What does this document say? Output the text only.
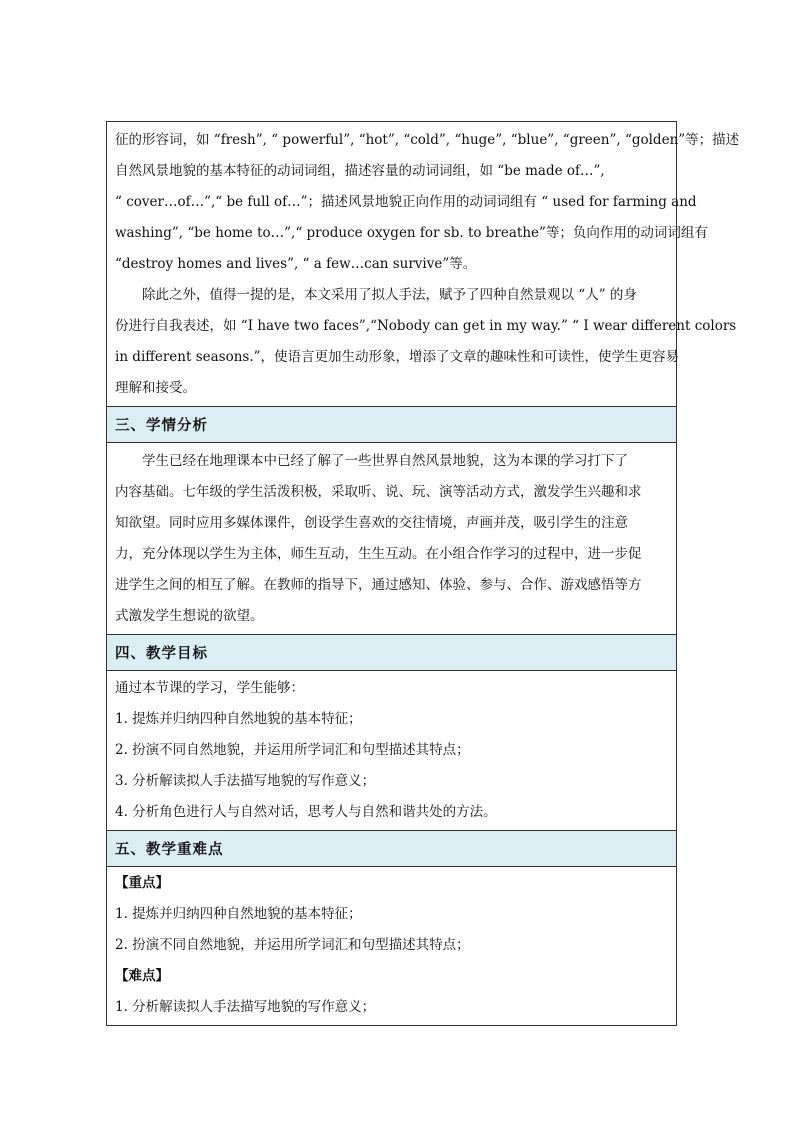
征的形容词，如 “fresh”, “ powerful”, “hot”, “cold”, “huge”, “blue”, “green”, “golden”等；描述
自然风景地貌的基本特征的动词词组，描述容量的动词词组，如 “be made of…”,
“ cover…of…”,“ be full of…”；描述风景地貌正向作用的动词词组有 “ used for farming and
washing”, “be home to…”,“ produce oxygen for sb. to breathe”等；负向作用的动词词组有
“destroy homes and lives”, “ a few…can survive”等。

除此之外，值得一提的是，本文采用了拟人手法，赋予了四种自然景观以 “人” 的身
份进行自我表述，如 “I have two faces”,“Nobody can get in my way.” “ I wear different colors
in different seasons.”，使语言更加生动形象，增添了文章的趣味性和可读性，使学生更容易
理解和接受。

三、学情分析

学生已经在地理课本中已经了解了一些世界自然风景地貌，这为本课的学习打下了
内容基础。七年级的学生活泼积极，采取听、说、玩、演等活动方式，激发学生兴趣和求
知欲望。同时应用多媒体课件，创设学生喜欢的交往情境，声画并茂，吸引学生的注意
力，充分体现以学生为主体，师生互动，生生互动。在小组合作学习的过程中，进一步促
进学生之间的相互了解。在教师的指导下，通过感知、体验、参与、合作、游戏感悟等方
式激发学生想说的欲望。

四、教学目标
通过本节课的学习，学生能够：
1. 提炼并归纳四种自然地貌的基本特征；
2. 扮演不同自然地貌，并运用所学词汇和句型描述其特点；
3. 分析解读拟人手法描写地貌的写作意义；
4. 分析角色进行人与自然对话，思考人与自然和谐共处的方法。
五、教学重难点
【重点】
1. 提炼并归纳四种自然地貌的基本特征；
2. 扮演不同自然地貌，并运用所学词汇和句型描述其特点；
【难点】
1. 分析解读拟人手法描写地貌的写作意义；
